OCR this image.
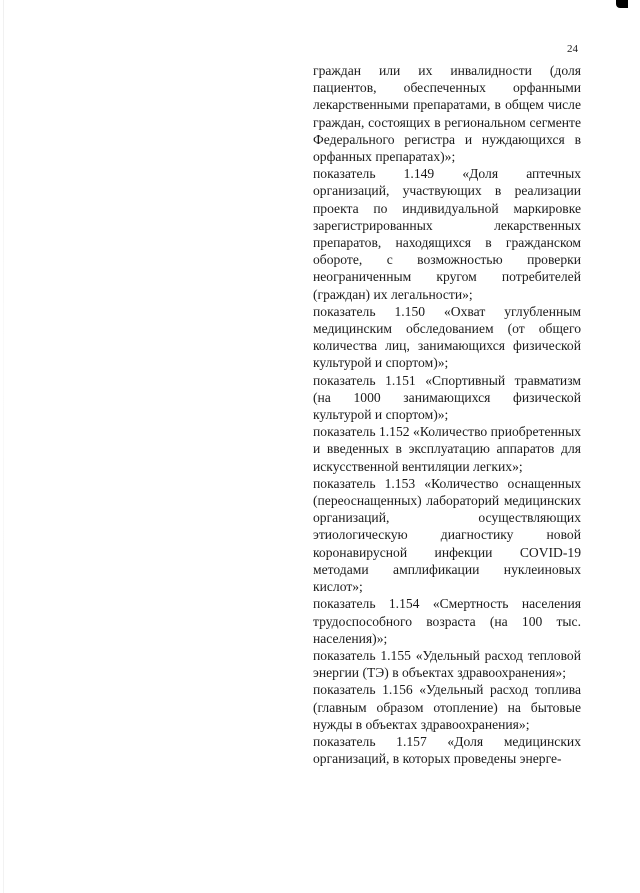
24

граждан или их инвалидности (доля пациентов, обеспеченных орфанными лекарственными препаратами, в общем числе граждан, состоящих в региональном сегменте Федерального регистра и нуждающихся в орфанных препаратах)»;

показатель 1.149 «Доля аптечных организаций, участвующих в реализации проекта по индивидуальной маркировке зарегистрированных лекарственных препаратов, находящихся в гражданском обороте, с возможностью проверки неограниченным кругом потребителей (граждан) их легальности»;

показатель 1.150 «Охват углубленным медицинским обследованием (от общего количества лиц, занимающихся физической культурой и спортом)»;

показатель 1.151 «Спортивный травматизм (на 1000 занимающихся физической культурой и спортом)»;

показатель 1.152 «Количество приобретенных и введенных в эксплуатацию аппаратов для искусственной вентиляции легких»;

показатель 1.153 «Количество оснащенных (переоснащенных) лабораторий медицинских организаций, осуществляющих этиологическую диагностику новой коронавирусной инфекции COVID-19 методами амплификации нуклеиновых кислот»;

показатель 1.154 «Смертность населения трудоспособного возраста (на 100 тыс. населения)»;

показатель 1.155 «Удельный расход тепловой энергии (ТЭ) в объектах здравоохранения»;

показатель 1.156 «Удельный расход топлива (главным образом отопление) на бытовые нужды в объектах здравоохранения»;

показатель 1.157 «Доля медицинских организаций, в которых проведены энерге-
